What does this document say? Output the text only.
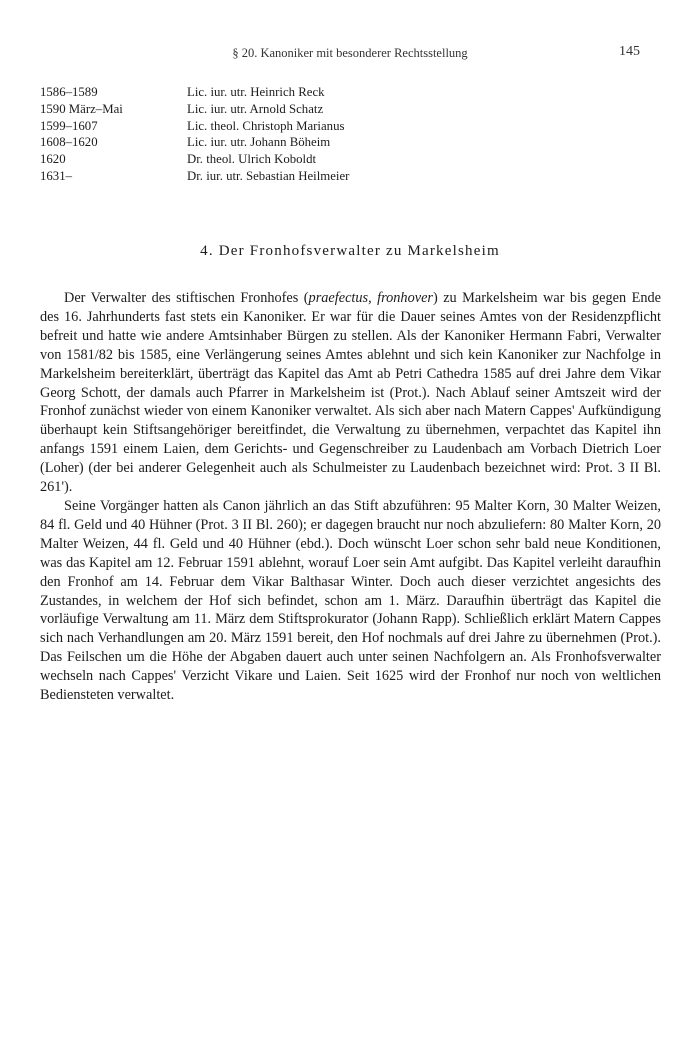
§ 20. Kanoniker mit besonderer Rechtsstellung	145
1586–1589	Lic. iur. utr. Heinrich Reck
1590 März–Mai	Lic. iur. utr. Arnold Schatz
1599–1607	Lic. theol. Christoph Marianus
1608–1620	Lic. iur. utr. Johann Böheim
1620	Dr. theol. Ulrich Koboldt
1631–	Dr. iur. utr. Sebastian Heilmeier
4. Der Fronhofsverwalter zu Markelsheim

Der Verwalter des stiftischen Fronhofes (praefectus, fronhover) zu Markelsheim war bis gegen Ende des 16. Jahrhunderts fast stets ein Kanoniker. Er war für die Dauer seines Amtes von der Residenzpflicht befreit und hatte wie andere Amtsinhaber Bürgen zu stellen. Als der Kanoniker Hermann Fabri, Verwalter von 1581/82 bis 1585, eine Verlängerung seines Amtes ablehnt und sich kein Kanoniker zur Nachfolge in Markelsheim bereiterklärt, überträgt das Kapitel das Amt ab Petri Cathedra 1585 auf drei Jahre dem Vikar Georg Schott, der damals auch Pfarrer in Markelsheim ist (Prot.). Nach Ablauf seiner Amtszeit wird der Fronhof zunächst wieder von einem Kanoniker verwaltet. Als sich aber nach Matern Cappes' Aufkündigung überhaupt kein Stiftsangehöriger bereitfindet, die Verwaltung zu übernehmen, verpachtet das Kapitel ihn anfangs 1591 einem Laien, dem Gerichts- und Gegenschreiber zu Laudenbach am Vorbach Dietrich Loer (Loher) (der bei anderer Gelegenheit auch als Schulmeister zu Laudenbach bezeichnet wird: Prot. 3 II Bl. 261').

Seine Vorgänger hatten als Canon jährlich an das Stift abzuführen: 95 Malter Korn, 30 Malter Weizen, 84 fl. Geld und 40 Hühner (Prot. 3 II Bl. 260); er dagegen braucht nur noch abzuliefern: 80 Malter Korn, 20 Malter Weizen, 44 fl. Geld und 40 Hühner (ebd.). Doch wünscht Loer schon sehr bald neue Konditionen, was das Kapitel am 12. Februar 1591 ablehnt, worauf Loer sein Amt aufgibt. Das Kapitel verleiht daraufhin den Fronhof am 14. Februar dem Vikar Balthasar Winter. Doch auch dieser verzichtet angesichts des Zustandes, in welchem der Hof sich befindet, schon am 1. März. Daraufhin überträgt das Kapitel die vorläufige Verwaltung am 11. März dem Stiftsprokurator (Johann Rapp). Schließlich erklärt Matern Cappes sich nach Verhandlungen am 20. März 1591 bereit, den Hof nochmals auf drei Jahre zu übernehmen (Prot.). Das Feilschen um die Höhe der Abgaben dauert auch unter seinen Nachfolgern an. Als Fronhofsverwalter wechseln nach Cappes' Verzicht Vikare und Laien. Seit 1625 wird der Fronhof nur noch von weltlichen Bediensteten verwaltet.
